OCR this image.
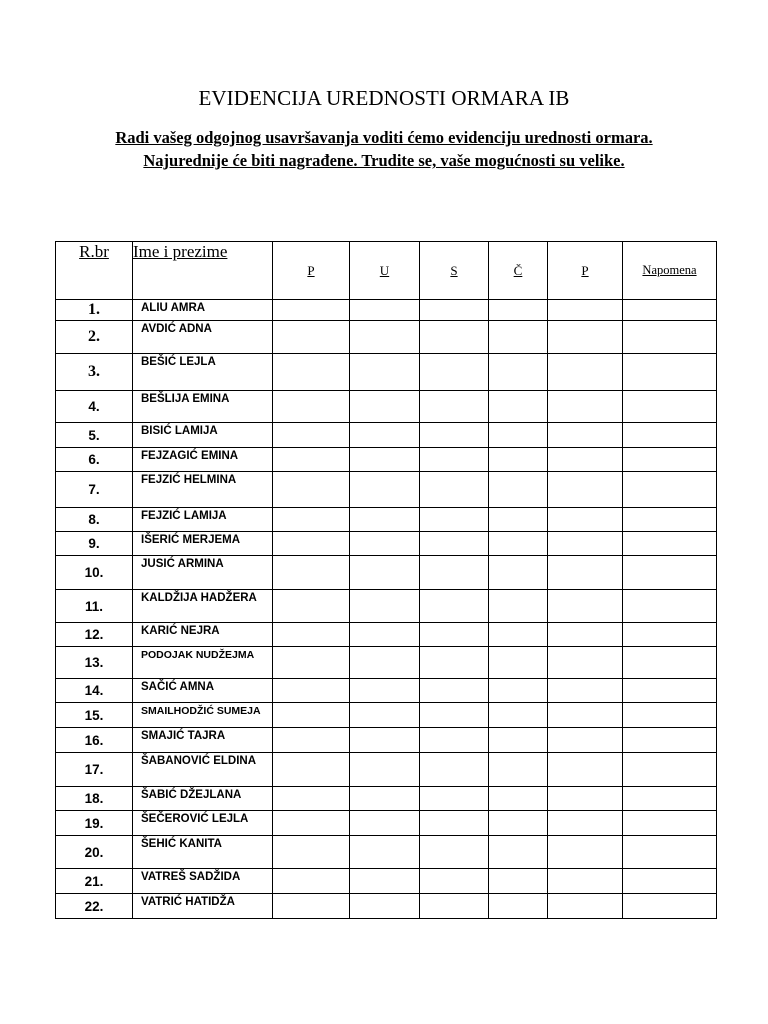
EVIDENCIJA UREDNOSTI ORMARA IB

Radi vašeg odgojnog usavršavanja voditi ćemo evidenciju urednosti ormara. Najurednije će biti nagrađene. Trudite se, vaše mogućnosti su velike.

R.br	Ime i prezime	P	U	S	Č	P	Napomena
1.	ALIU AMRA						
2.	AVDIĆ ADNA						
3.	BEŠIĆ LEJLA						
4.	BEŠLIJA EMINA						
5.	BISIĆ LAMIJA						
6.	FEJZAGIĆ EMINA						
7.	FEJZIĆ HELMINA						
8.	FEJZIĆ LAMIJA						
9.	IŠERIĆ MERJEMA						
10.	JUSIĆ ARMINA						
11.	KALDŽIJA HADŽERA						
12.	KARIĆ NEJRA						
13.	PODOJAK NUDŽEJMA						
14.	SAČIĆ AMNA						
15.	SMAILHODŽIĆ SUMEJA						
16.	SMAJIĆ TAJRA						
17.	ŠABANOVIĆ ELDINA						
18.	ŠABIĆ DŽEJLANA						
19.	ŠEČEROVIĆ LEJLA						
20.	ŠEHIĆ KANITA						
21.	VATREŠ SADŽIDA						
22.	VATRIĆ HATIDŽA						
